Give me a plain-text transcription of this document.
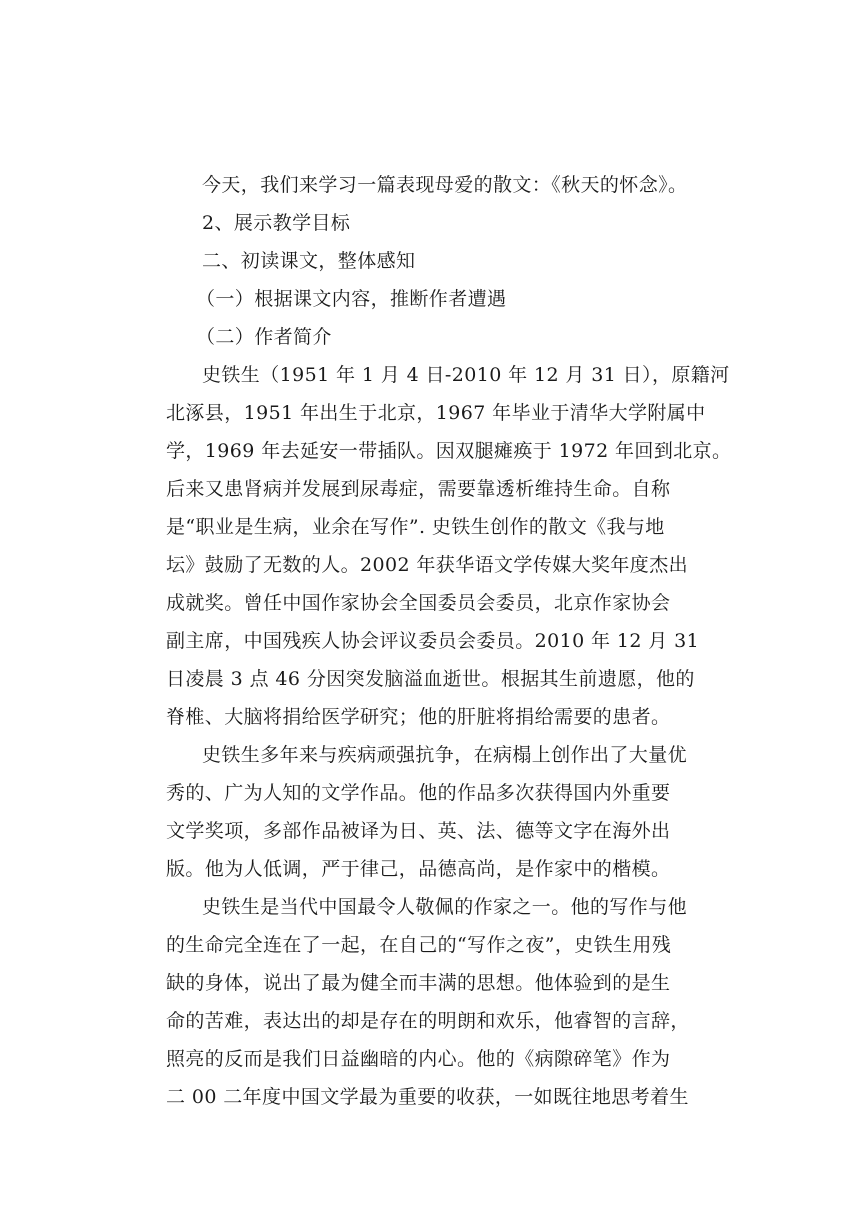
今天，我们来学习一篇表现母爱的散文：《秋天的怀念》。
2、展示教学目标
二、初读课文，整体感知
（一）根据课文内容，推断作者遭遇
（二）作者简介
史铁生（1951 年 1 月 4 日-2010 年 12 月 31 日），原籍河
北涿县，1951 年出生于北京，1967 年毕业于清华大学附属中
学，1969 年去延安一带插队。因双腿瘫痪于 1972 年回到北京。
后来又患肾病并发展到尿毒症，需要靠透析维持生命。自称
是“职业是生病，业余在写作”. 史铁生创作的散文《我与地
坛》鼓励了无数的人。2002 年获华语文学传媒大奖年度杰出
成就奖。曾任中国作家协会全国委员会委员，北京作家协会
副主席，中国残疾人协会评议委员会委员。2010 年 12 月 31
日凌晨 3 点 46 分因突发脑溢血逝世。根据其生前遗愿，他的
脊椎、大脑将捐给医学研究；他的肝脏将捐给需要的患者。
史铁生多年来与疾病顽强抗争，在病榻上创作出了大量优
秀的、广为人知的文学作品。他的作品多次获得国内外重要
文学奖项，多部作品被译为日、英、法、德等文字在海外出
版。他为人低调，严于律己，品德高尚，是作家中的楷模。
史铁生是当代中国最令人敬佩的作家之一。他的写作与他
的生命完全连在了一起，在自己的“写作之夜”，史铁生用残
缺的身体，说出了最为健全而丰满的思想。他体验到的是生
命的苦难，表达出的却是存在的明朗和欢乐，他睿智的言辞，
照亮的反而是我们日益幽暗的内心。他的《病隙碎笔》作为
二 00 二年度中国文学最为重要的收获，一如既往地思考着生
